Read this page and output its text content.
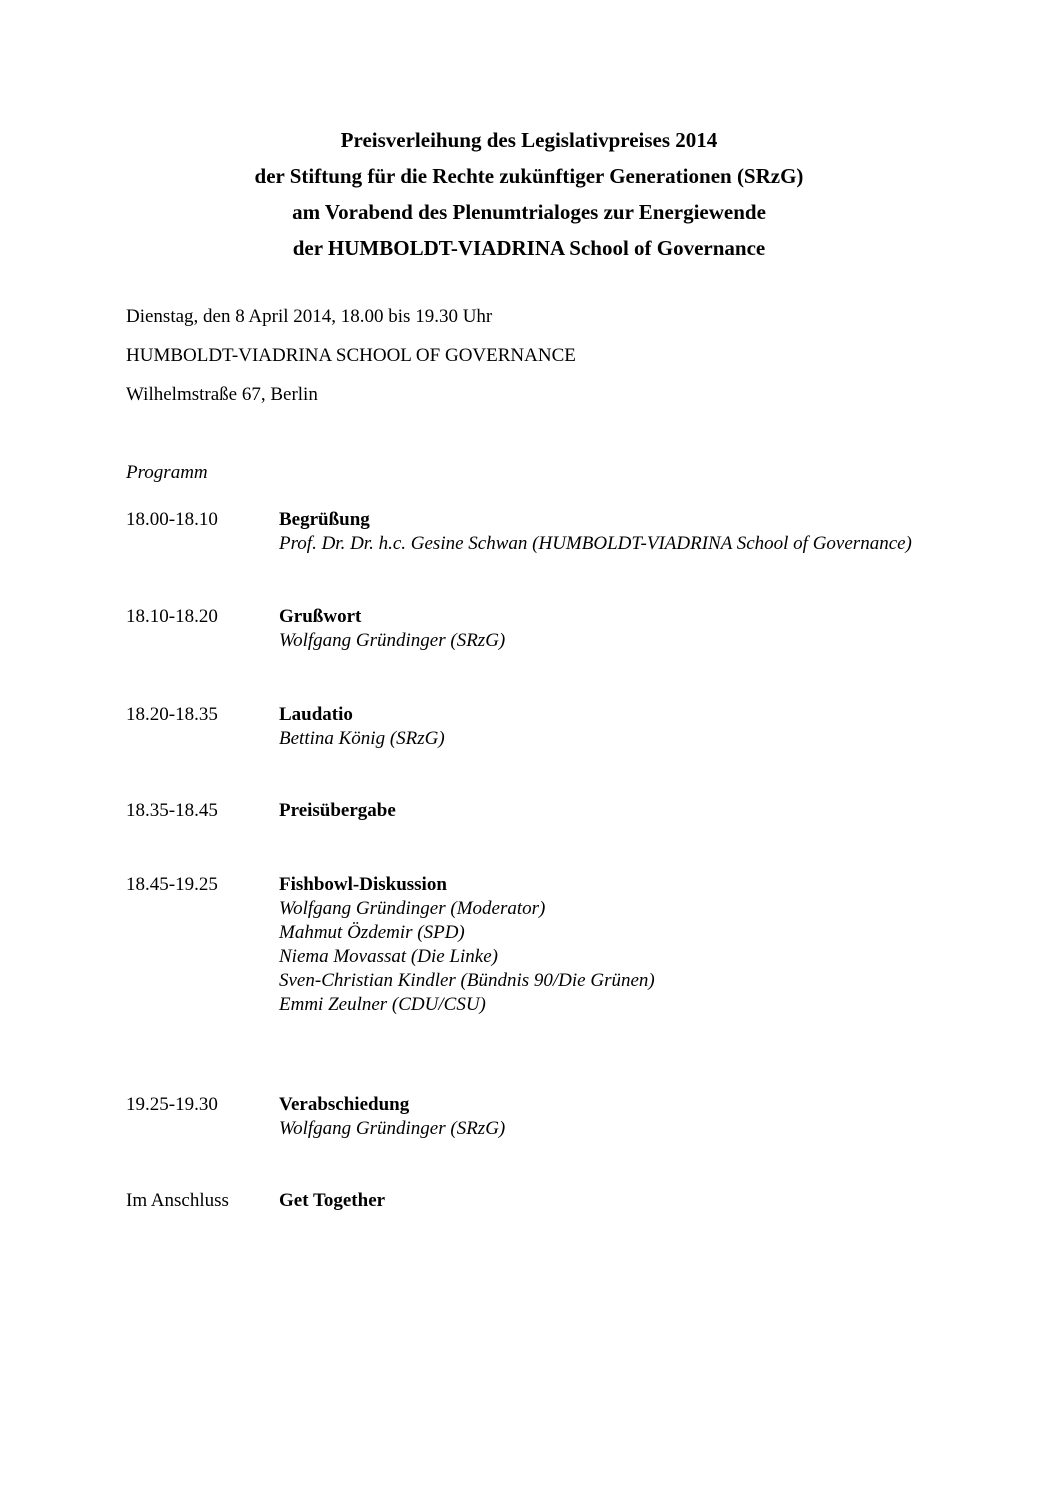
Preisverleihung des Legislativpreises 2014
der Stiftung für die Rechte zukünftiger Generationen (SRzG)
am Vorabend des Plenumtrialoges zur Energiewende
der HUMBOLDT-VIADRINA School of Governance
Dienstag, den 8 April 2014, 18.00 bis 19.30 Uhr
HUMBOLDT-VIADRINA SCHOOL OF GOVERNANCE
Wilhelmstraße 67, Berlin
Programm
18.00-18.10	Begrüßung
Prof. Dr. Dr. h.c. Gesine Schwan (HUMBOLDT-VIADRINA School of Governance)
18.10-18.20	Grußwort
Wolfgang Gründinger (SRzG)
18.20-18.35	Laudatio
Bettina König (SRzG)
18.35-18.45	Preisübergabe
18.45-19.25	Fishbowl-Diskussion
Wolfgang Gründinger (Moderator)
Mahmut Özdemir (SPD)
Niema Movassat (Die Linke)
Sven-Christian Kindler (Bündnis 90/Die Grünen)
Emmi Zeulner (CDU/CSU)
19.25-19.30	Verabschiedung
Wolfgang Gründinger (SRzG)
Im Anschluss	Get Together
